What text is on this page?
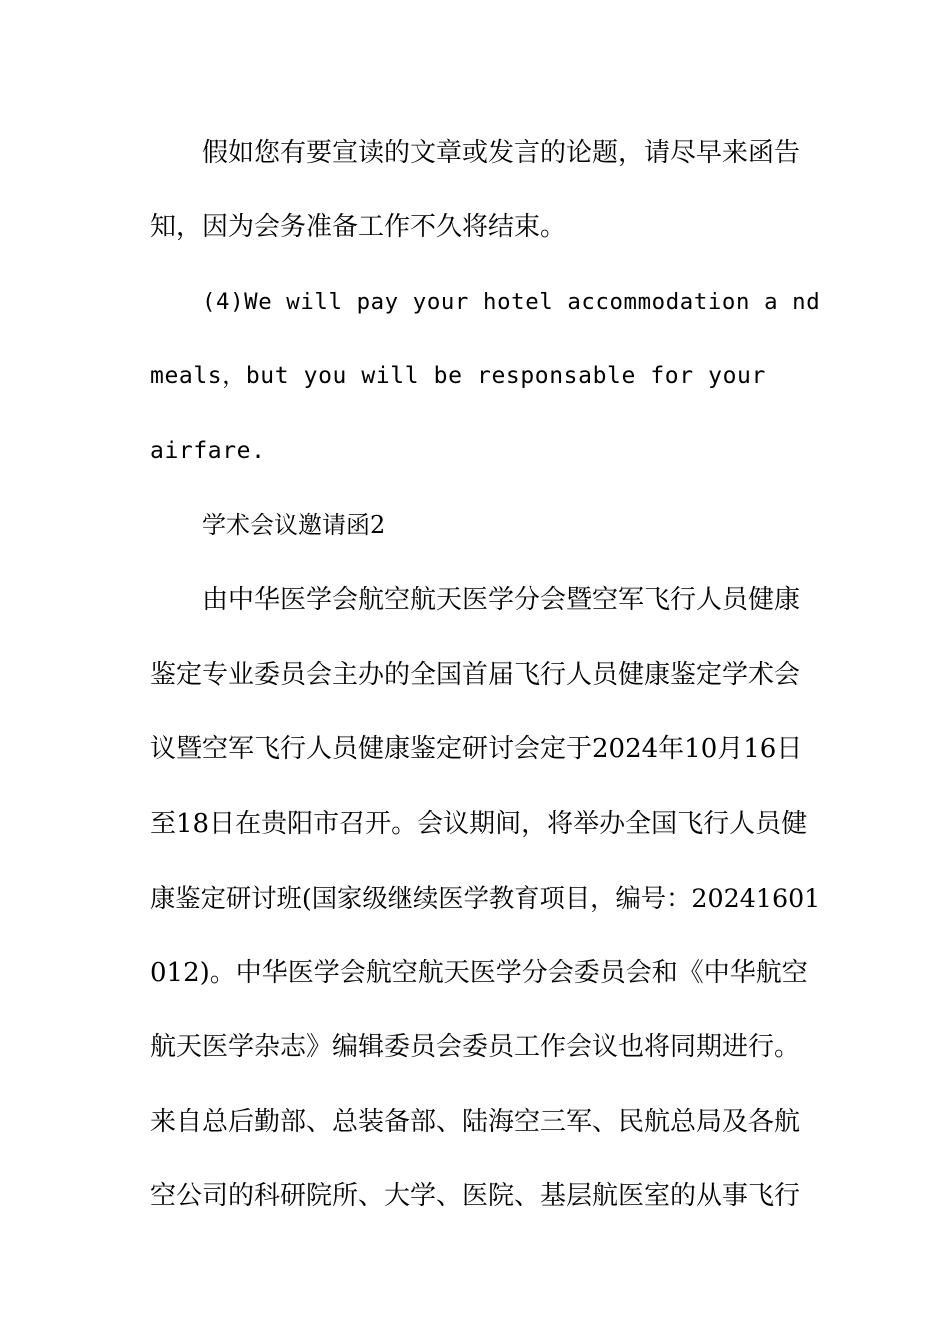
假如您有要宣读的文章或发言的论题，请尽早来函告
知，因为会务准备工作不久将结束。
(4)We will pay your hotel accommodation a nd
meals，but you will be responsable for your
airfare.
学术会议邀请函2
由中华医学会航空航天医学分会暨空军飞行人员健康
鉴定专业委员会主办的全国首届飞行人员健康鉴定学术会
议暨空军飞行人员健康鉴定研讨会定于2024年10月16日
至18日在贵阳市召开。会议期间，将举办全国飞行人员健
康鉴定研讨班(国家级继续医学教育项目，编号：20241601
012)。中华医学会航空航天医学分会委员会和《中华航空
航天医学杂志》编辑委员会委员工作会议也将同期进行。
来自总后勤部、总装备部、陆海空三军、民航总局及各航
空公司的科研院所、大学、医院、基层航医室的从事飞行
